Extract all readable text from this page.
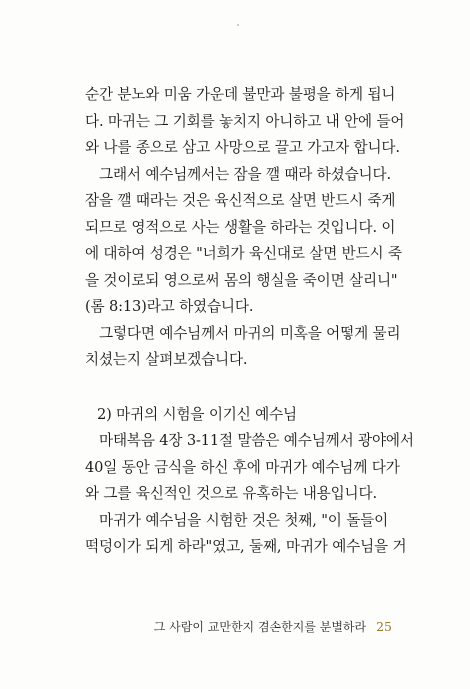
순간 분노와 미움 가운데 불만과 불평을 하게 됩니
다. 마귀는 그 기회를 놓치지 아니하고 내 안에 들어
와 나를 종으로 삼고 사망으로 끌고 가고자 합니다.
그래서 예수님께서는 잠을 깰 때라 하셨습니다.
잠을 깰 때라는 것은 육신적으로 살면 반드시 죽게
되므로 영적으로 사는 생활을 하라는 것입니다. 이
에 대하여 성경은 "너희가 육신대로 살면 반드시 죽
을 것이로되 영으로써 몸의 행실을 죽이면 살리니"
(롬 8:13)라고 하였습니다.
그렇다면 예수님께서 마귀의 미혹을 어떻게 물리
치셨는지 살펴보겠습니다.
2) 마귀의 시험을 이기신 예수님
마태복음 4장 3-11절 말씀은 예수님께서 광야에서
40일 동안 금식을 하신 후에 마귀가 예수님께 다가
와 그를 육신적인 것으로 유혹하는 내용입니다.
마귀가 예수님을 시험한 것은 첫째, "이 돌들이
떡덩이가 되게 하라"였고, 둘째, 마귀가 예수님을 거
그 사람이 교만한지 겸손한지를 분별하라 25
